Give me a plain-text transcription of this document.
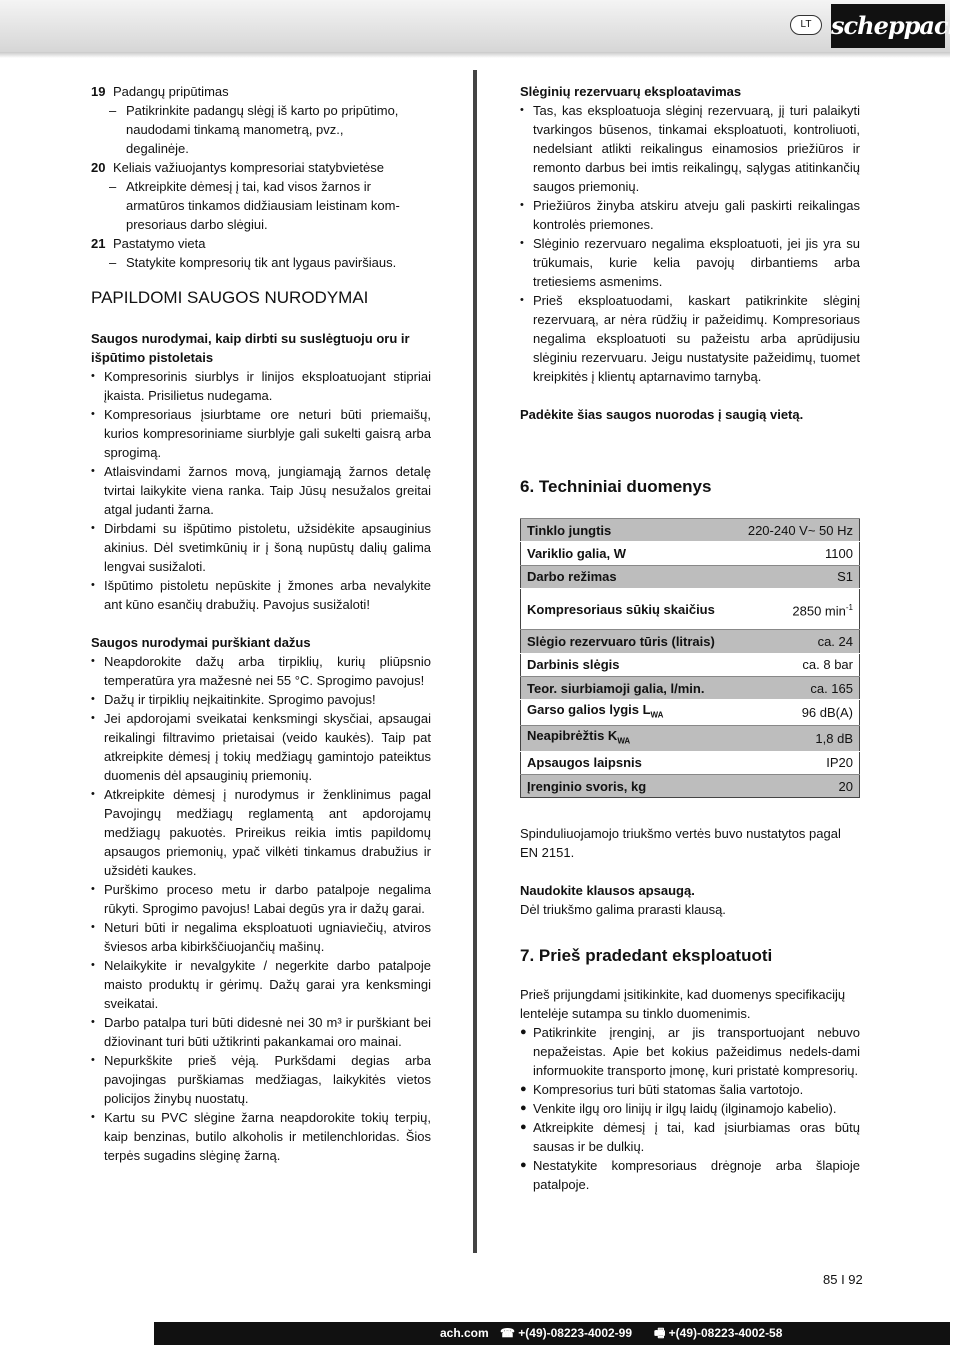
LT scheppach
19 Padangų pripūtimas
– Patikrinkite padangų slėgį iš karto po pripūtimo,
naudodami tinkamą manometrą, pvz.,
degalinėje.
20 Keliais važiuojantys kompresoriai statybvietėse
– Atkreipkite dėmesį į tai, kad visos žarnos ir
armatūros tinkamos didžiausiam leistinam kom-
presoriaus darbo slėgiui.
21 Pastatymo vieta
– Statykite kompresorių tik ant lygaus paviršiaus.
PAPILDOMI SAUGOS NURODYMAI

Saugos nurodymai, kaip dirbti su suslėgtuoju oru ir išpūtimo pistoletais

• Kompresorinis siurblys ir linijos eksploatuojant stipriai įkaista. Prisilietus nudegama.
• Kompresoriaus įsiurbtame ore neturi būti priemaišų, kurios kompresoriniame siurblyje gali sukelti gaisrą arba sprogimą.
• Atlaisvindami žarnos movą, jungiamąją žarnos detalę tvirtai laikykite viena ranka. Taip Jūsų nesužalos greitai atgal judanti žarna.
• Dirbdami su išpūtimo pistoletu, užsidėkite apsauginius akinius. Dėl svetimkūnių ir į šoną nupūstų dalių galima lengvai susižaloti.
• Išpūtimo pistoletu nepūskite į žmones arba nevalykite ant kūno esančių drabužių. Pavojus susižaloti!

Saugos nurodymai purškiant dažus

• Neapdorokite dažų arba tirpiklių, kurių pliūpsnio temperatūra yra mažesnė nei 55 °C. Sprogimo pavojus!
• Dažų ir tirpiklių neįkaitinkite. Sprogimo pavojus!
• Jei apdorojami sveikatai kenksmingi skysčiai, apsaugai reikalingi filtravimo prietaisai (veido kaukės). Taip pat atkreipkite dėmesį į tokių medžiagų gamintojo pateiktus duomenis dėl apsauginių priemonių.
• Atkreipkite dėmesį į nurodymus ir ženklinimus pagal Pavojingų medžiagų reglamentą ant apdorojamų medžiagų pakuotės. Prireikus reikia imtis papildomų apsaugos priemonių, ypač vilkėti tinkamus drabužius ir užsidėti kaukes.
• Purškimo proceso metu ir darbo patalpoje negalima rūkyti. Sprogimo pavojus! Labai degūs yra ir dažų garai.
• Neturi būti ir negalima eksploatuoti ugniaviečių, atviros šviesos arba kibirkščiuojančių mašinų.
• Nelaikykite ir nevalgykite / negerkite darbo patalpoje maisto produktų ir gėrimų. Dažų garai yra kenksmingi sveikatai.
• Darbo patalpa turi būti didesnė nei 30 m³ ir purškiant bei džiovinant turi būti užtikrinti pakankamai oro mainai.
• Nepurkškite prieš vėją. Purkšdami degias arba pavojingas purškiamas medžiagas, laikykitės vietos policijos žinybų nuostatų.
• Kartu su PVC slėgine žarna neapdorokite tokių terpių, kaip benzinas, butilo alkoholis ir metilenchloridas. Šios terpės sugadins slėginę žarną.

Slėginių rezervuarų eksploatavimas

• Tas, kas eksploatuoja slėginį rezervuarą, jį turi palaikyti tvarkingos būsenos, tinkamai eksploatuoti, kontroliuoti, nedelsiant atlikti reikalingus einamosios priežiūros ir remonto darbus bei imtis reikalingų, sąlygas atitinkančių saugos priemonių.
• Priežiūros žinyba atskiru atveju gali paskirti reikalingas kontrolės priemones.
• Slėginio rezervuaro negalima eksploatuoti, jei jis yra su trūkumais, kurie kelia pavojų dirbantiems arba tretiesiems asmenims.
• Prieš eksploatuodami, kaskart patikrinkite slėginį rezervuarą, ar nėra rūdžių ir pažeidimų. Kompresoriaus negalima eksploatuoti su pažeistu arba aprūdijusiu slėginiu rezervuaru. Jeigu nustatysite pažeidimų, tuomet kreipkitės į klientų aptarnavimo tarnybą.

Padėkite šias saugos nuorodas į saugią vietą.

6. Techniniai duomenys
Tinklo jungtis	220-240 V~ 50 Hz
Variklio galia, W	1100
Darbo režimas	S1
Kompresoriaus sūkių skaičius	2850 $\min^{-1}$
Slėgio rezervuaro tūris (litrais)	ca. 24
Darbinis slėgis	ca. 8 bar
Teor. siurbiamoji galia, l/min.	ca. 165
Garso galios lygis $L_{WA}$	96 dB(A)
Neapibrėžtis $K_{WA}$	1,8 dB
Apsaugos laipsnis	IP20
Įrenginio svoris, kg	20

Spinduliuojamojo triukšmo vertės buvo nustatytos pagal EN 2151.

Naudokite klausos apsaugą.

Dėl triukšmo galima prarasti klausą.

7. Prieš pradedant eksploatuoti

Prieš prijungdami įsitikinkite, kad duomenys specifikacijų lentelėje sutampa su tinklo duomenimis.

● Patikrinkite įrenginį, ar jis transportuojant nebuvo nepažeistas. Apie bet kokius pažeidimus nedels-dami informuokite transporto įmonę, kuri pristatė kompresorių.
● Kompresorius turi būti statomas šalia vartotojo.
● Venkite ilgų oro linijų ir ilgų laidų (ilginamojo kabelio).
● Atkreipkite dėmesį į tai, kad įsiurbiamas oras būtų sausas ir be dulkių.
● Nestatykite kompresoriaus drėgnoje arba šlapioje patalpoje.
85 I 92
ach.com ☎ +(49)-08223-4002-99 🖷 +(49)-08223-4002-58
